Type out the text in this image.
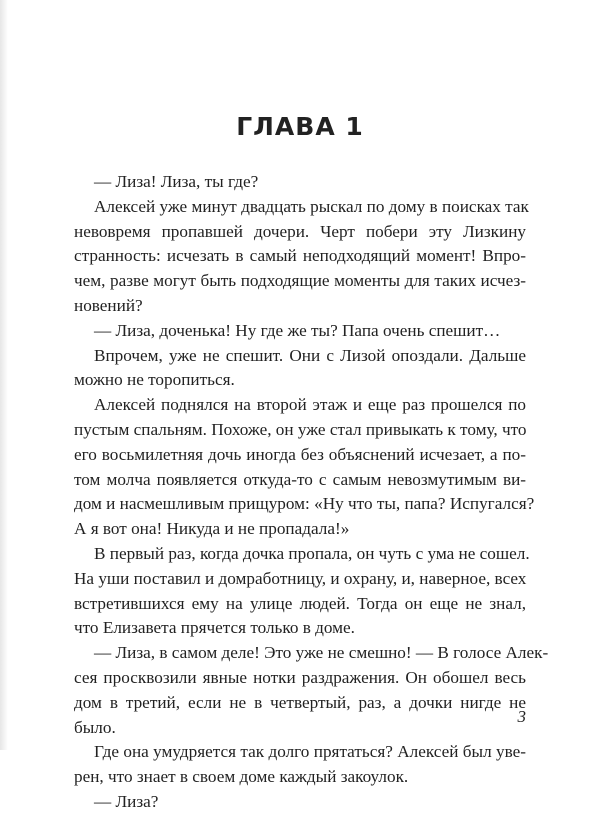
ГЛАВА 1
— Лиза! Лиза, ты где?
Алексей уже минут двадцать рыскал по дому в поисках так
невовремя пропавшей дочери. Черт побери эту Лизкину
странность: исчезать в самый неподходящий момент! Впро-
чем, разве могут быть подходящие моменты для таких исчез-
новений?
— Лиза, доченька! Ну где же ты? Папа очень спешит…
Впрочем, уже не спешит. Они с Лизой опоздали. Дальше
можно не торопиться.
Алексей поднялся на второй этаж и еще раз прошелся по
пустым спальням. Похоже, он уже стал привыкать к тому, что
его восьмилетняя дочь иногда без объяснений исчезает, а по-
том молча появляется откуда-то с самым невозмутимым ви-
дом и насмешливым прищуром: «Ну что ты, папа? Испугался?
А я вот она! Никуда и не пропадала!»
В первый раз, когда дочка пропала, он чуть с ума не сошел.
На уши поставил и домработницу, и охрану, и, наверное, всех
встретившихся ему на улице людей. Тогда он еще не знал,
что Елизавета прячется только в доме.
— Лиза, в самом деле! Это уже не смешно! — В голосе Алек-
сея просквозили явные нотки раздражения. Он обошел весь
дом в третий, если не в четвертый, раз, а дочки нигде не
было.
Где она умудряется так долго прятаться? Алексей был уве-
рен, что знает в своем доме каждый закоулок.
— Лиза?
3
